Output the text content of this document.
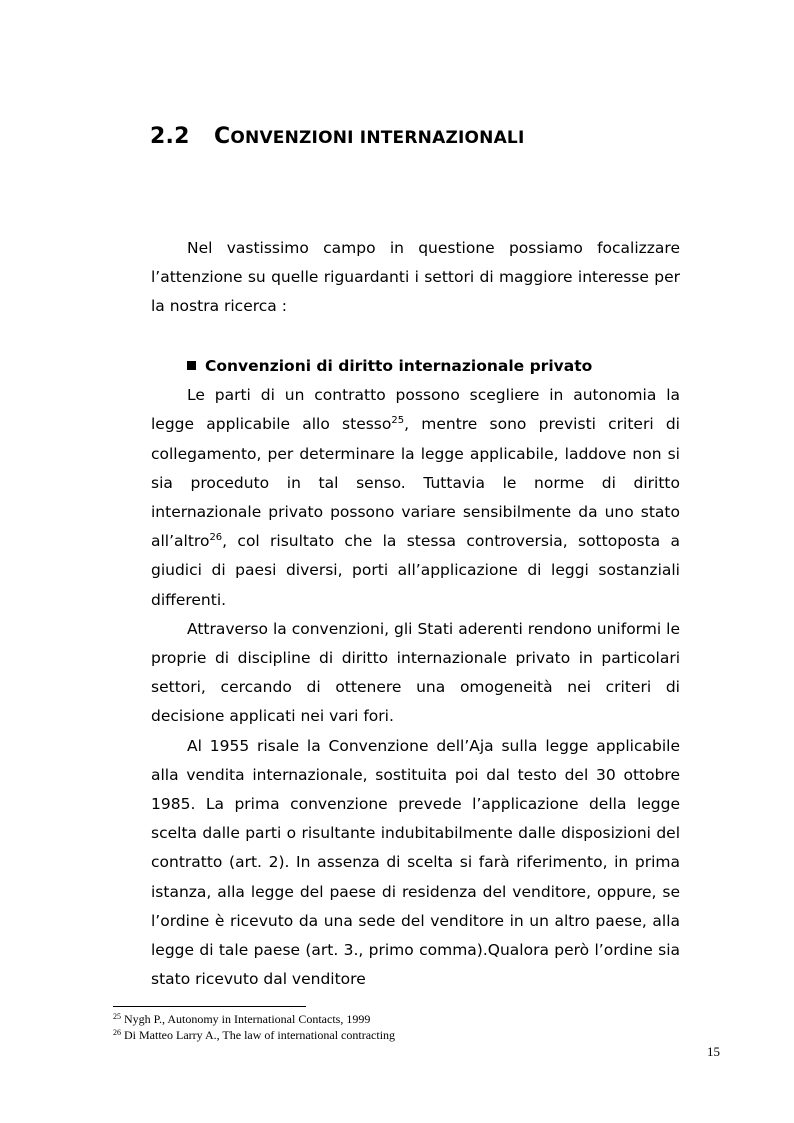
2.2 CONVENZIONI INTERNAZIONALI

Nel vastissimo campo in questione possiamo focalizzare l’attenzione su quelle riguardanti i settori di maggiore interesse per la nostra ricerca :

Convenzioni di diritto internazionale privato

Le parti di un contratto possono scegliere in autonomia la legge applicabile allo stesso$^{25}$, mentre sono previsti criteri di collegamento, per determinare la legge applicabile, laddove non si sia proceduto in tal senso. Tuttavia le norme di diritto internazionale privato possono variare sensibilmente da uno stato all’altro$^{26}$, col risultato che la stessa controversia, sottoposta a giudici di paesi diversi, porti all’applicazione di leggi sostanziali differenti.

Attraverso la convenzioni, gli Stati aderenti rendono uniformi le proprie di discipline di diritto internazionale privato in particolari settori, cercando di ottenere una omogeneità nei criteri di decisione applicati nei vari fori.

Al 1955 risale la Convenzione dell’Aja sulla legge applicabile alla vendita internazionale, sostituita poi dal testo del 30 ottobre 1985. La prima convenzione prevede l’applicazione della legge scelta dalle parti o risultante indubitabilmente dalle disposizioni del contratto (art. 2). In assenza di scelta si farà riferimento, in prima istanza, alla legge del paese di residenza del venditore, oppure, se l’ordine è ricevuto da una sede del venditore in un altro paese, alla legge di tale paese (art. 3., primo comma).Qualora però l’ordine sia stato ricevuto dal venditore

$^{25}$ Nygh P., Autonomy in International Contacts, 1999
$^{26}$ Di Matteo Larry A., The law of international contracting
15
